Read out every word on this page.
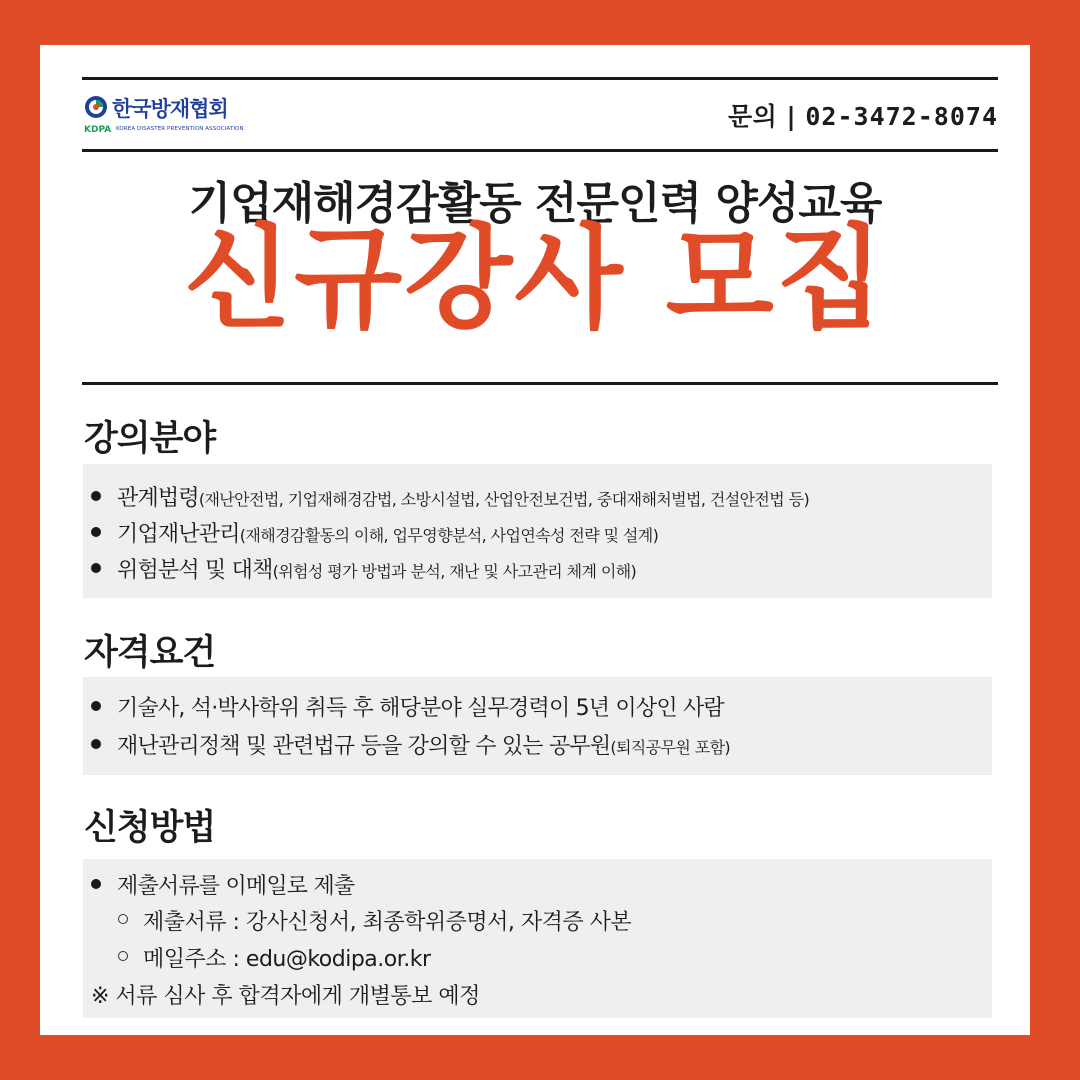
한국방재협회
KDPA KOREA DISASTER PREVENTION ASSOCIATION	문의 | 02-3472-8074
기업재해경감활동 전문인력 양성교육
신규강사 모집
강의분야
관계법령(재난안전법, 기업재해경감법, 소방시설법, 산업안전보건법, 중대재해처벌법, 건설안전법 등)
기업재난관리(재해경감활동의 이해, 업무영향분석, 사업연속성 전략 및 설계)
위험분석 및 대책(위험성 평가 방법과 분석, 재난 및 사고관리 체계 이해)
자격요건
기술사, 석·박사학위 취득 후 해당분야 실무경력이 5년 이상인 사람
재난관리정책 및 관련법규 등을 강의할 수 있는 공무원(퇴직공무원 포함)
신청방법
제출서류를 이메일로 제출
제출서류 : 강사신청서, 최종학위증명서, 자격증 사본
메일주소 : edu@kodipa.or.kr
※ 서류 심사 후 합격자에게 개별통보 예정
